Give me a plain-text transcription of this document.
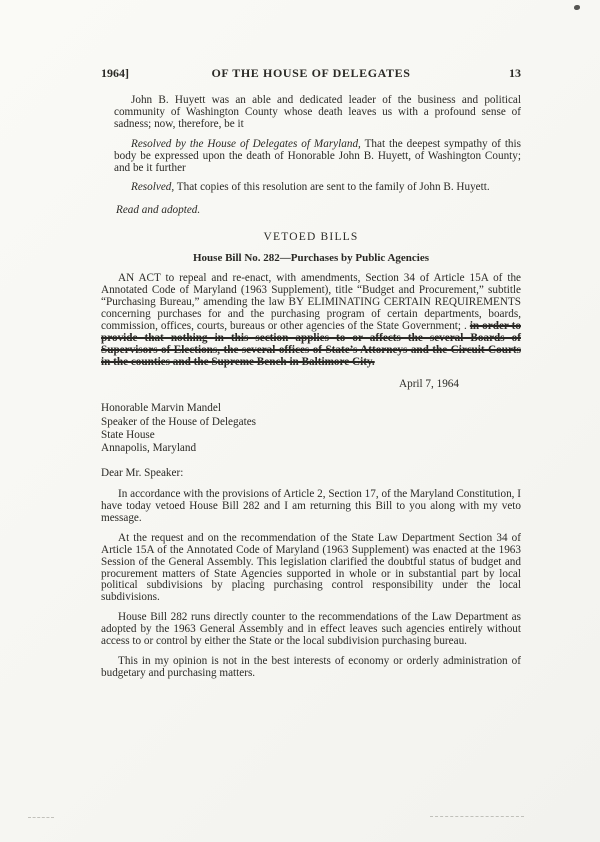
1964]	OF THE HOUSE OF DELEGATES	13

John B. Huyett was an able and dedicated leader of the business and political community of Washington County whose death leaves us with a profound sense of sadness; now, therefore, be it

Resolved by the House of Delegates of Maryland, That the deepest sympathy of this body be expressed upon the death of Honorable John B. Huyett, of Washington County; and be it further

Resolved, That copies of this resolution are sent to the family of John B. Huyett.

Read and adopted.

VETOED BILLS
House Bill No. 282—Purchases by Public Agencies

AN ACT to repeal and re-enact, with amendments, Section 34 of Article 15A of the Annotated Code of Maryland (1963 Supplement), title “Budget and Procurement,” subtitle “Purchasing Bureau,” amending the law BY ELIMINATING CERTAIN REQUIREMENTS concerning purchases for and the purchasing program of certain departments, boards, commission, offices, courts, bureaus or other agencies of the State Government; . in order to provide that nothing in this section applies to or affects the several Boards of Supervisors of Elections, the several offices of State’s Attorneys and the Circuit Courts in the counties and the Supreme Bench in Baltimore City.

April 7, 1964

Honorable Marvin Mandel
Speaker of the House of Delegates
State House
Annapolis, Maryland

Dear Mr. Speaker:

In accordance with the provisions of Article 2, Section 17, of the Maryland Constitution, I have today vetoed House Bill 282 and I am returning this Bill to you along with my veto message.

At the request and on the recommendation of the State Law Department Section 34 of Article 15A of the Annotated Code of Maryland (1963 Supplement) was enacted at the 1963 Session of the General Assembly. This legislation clarified the doubtful status of budget and procurement matters of State Agencies supported in whole or in substantial part by local political subdivisions by placing purchasing control responsibility under the local subdivisions.

House Bill 282 runs directly counter to the recommendations of the Law Department as adopted by the 1963 General Assembly and in effect leaves such agencies entirely without access to or control by either the State or the local subdivision purchasing bureau.

This in my opinion is not in the best interests of economy or orderly administration of budgetary and purchasing matters.
